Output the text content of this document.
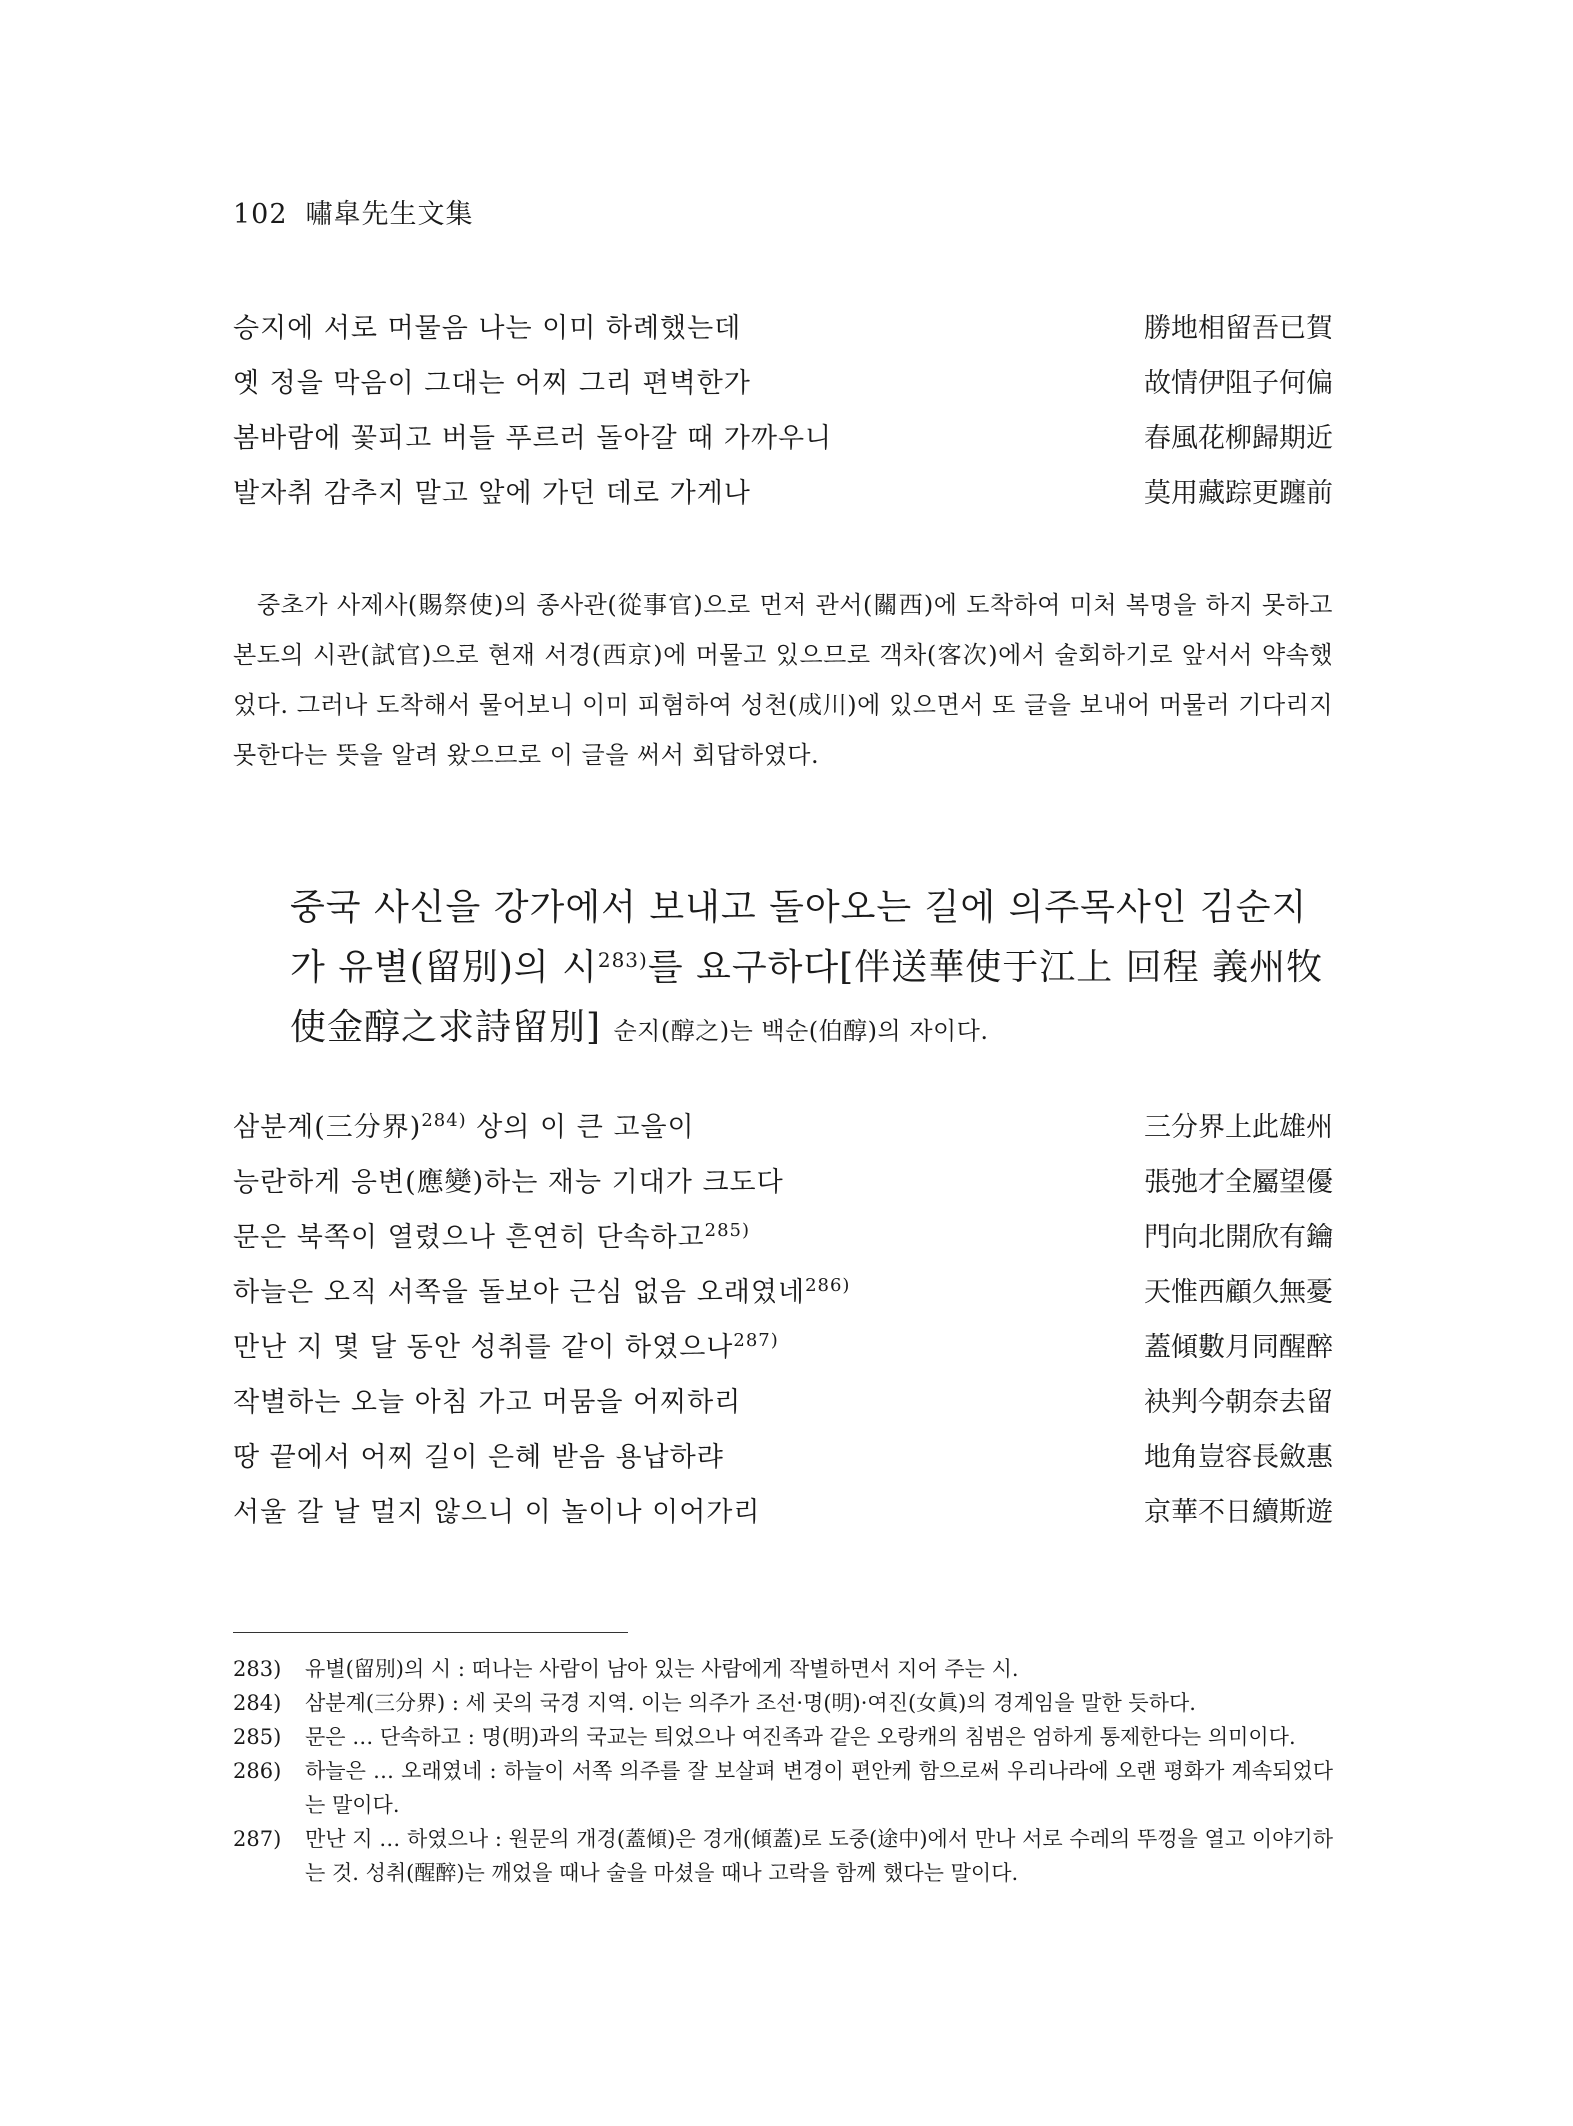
102 嘯皐先生文集
승지에 서로 머물음 나는 이미 하례했는데	勝地相留吾已賀
옛 정을 막음이 그대는 어찌 그리 편벽한가	故情伊阻子何偏
봄바람에 꽃피고 버들 푸르러 돌아갈 때 가까우니	春風花柳歸期近
발자취 감추지 말고 앞에 가던 데로 가게나	莫用藏踪更躔前
중초가 사제사(賜祭使)의 종사관(從事官)으로 먼저 관서(關西)에 도착하여 미처 복명을 하지 못하고 본도의 시관(試官)으로 현재 서경(西京)에 머물고 있으므로 객차(客次)에서 술회하기로 앞서서 약속했었다. 그러나 도착해서 물어보니 이미 피혐하여 성천(成川)에 있으면서 또 글을 보내어 머물러 기다리지 못한다는 뜻을 알려 왔으므로 이 글을 써서 회답하였다.
중국 사신을 강가에서 보내고 돌아오는 길에 의주목사인 김순지가 유별(留別)의 시$^{283)}$를 요구하다[伴送華使于江上 回程 義州牧使金醇之求詩留別] 순지(醇之)는 백순(伯醇)의 자이다.
삼분계(三分界)$^{284)}$ 상의 이 큰 고을이	三分界上此雄州
능란하게 응변(應變)하는 재능 기대가 크도다	張弛才全屬望優
문은 북쪽이 열렸으나 흔연히 단속하고$^{285)}$	門向北開欣有鑰
하늘은 오직 서쪽을 돌보아 근심 없음 오래였네$^{286)}$	天惟西顧久無憂
만난 지 몇 달 동안 성취를 같이 하였으나$^{287)}$	蓋傾數月同醒醉
작별하는 오늘 아침 가고 머뭄을 어찌하리	袂判今朝奈去留
땅 끝에서 어찌 길이 은혜 받음 용납하랴	地角豈容長斂惠
서울 갈 날 멀지 않으니 이 놀이나 이어가리	京華不日續斯遊

283) 유별(留別)의 시 : 떠나는 사람이 남아 있는 사람에게 작별하면서 지어 주는 시.

284) 삼분계(三分界) : 세 곳의 국경 지역. 이는 의주가 조선·명(明)·여진(女眞)의 경계임을 말한 듯하다.

285) 문은 … 단속하고 : 명(明)과의 국교는 틔었으나 여진족과 같은 오랑캐의 침범은 엄하게 통제한다는 의미이다.

286) 하늘은 … 오래였네 : 하늘이 서쪽 의주를 잘 보살펴 변경이 편안케 함으로써 우리나라에 오랜 평화가 계속되었다는 말이다.

287) 만난 지 … 하였으나 : 원문의 개경(蓋傾)은 경개(傾蓋)로 도중(途中)에서 만나 서로 수레의 뚜껑을 열고 이야기하는 것. 성취(醒醉)는 깨었을 때나 술을 마셨을 때나 고락을 함께 했다는 말이다.
